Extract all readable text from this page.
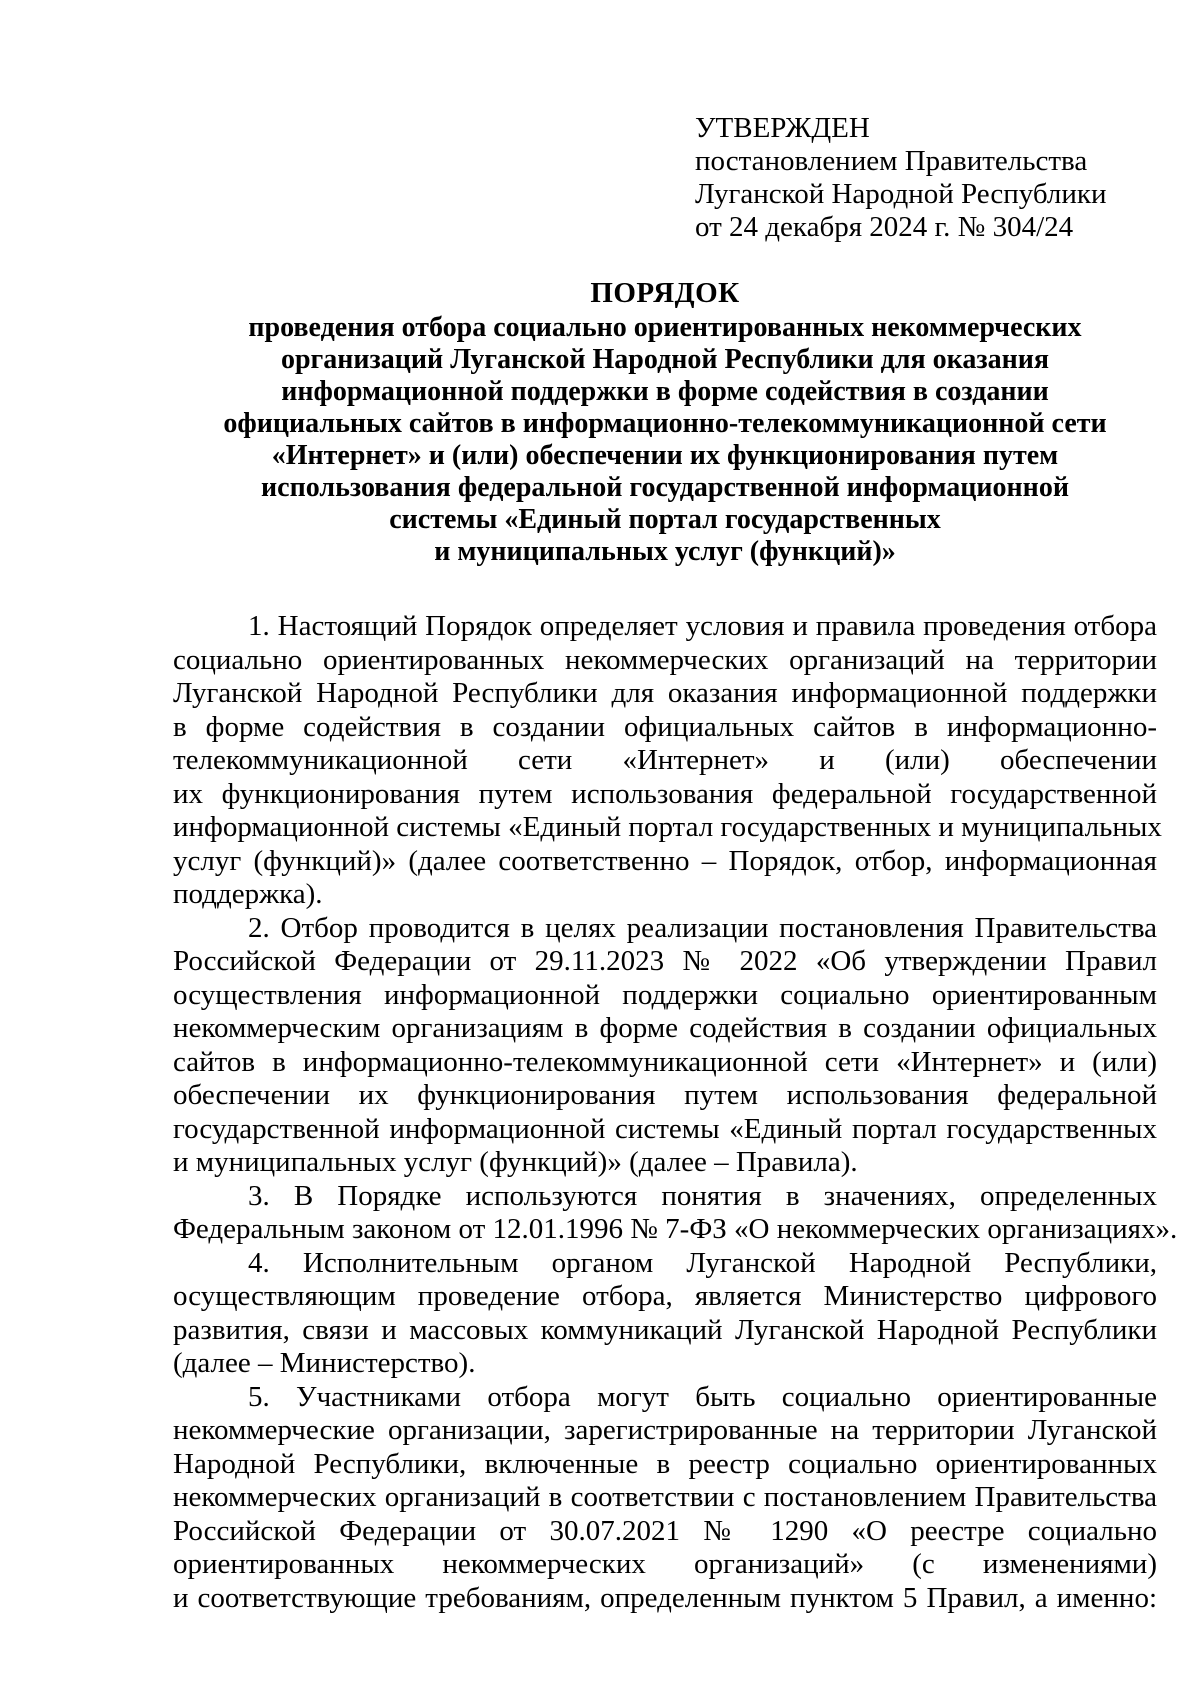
УТВЕРЖДЕН
постановлением Правительства
Луганской Народной Республики
от 24 декабря 2024 г. № 304/24
ПОРЯДОК
проведения отбора социально ориентированных некоммерческих
организаций Луганской Народной Республики для оказания
информационной поддержки в форме содействия в создании
официальных сайтов в информационно-телекоммуникационной сети
«Интернет» и (или) обеспечении их функционирования путем
использования федеральной государственной информационной
системы «Единый портал государственных
и муниципальных услуг (функций)»
1. Настоящий Порядок определяет условия и правила проведения отбора
социально ориентированных некоммерческих организаций на территории
Луганской Народной Республики для оказания информационной поддержки
в форме содействия в создании официальных сайтов в информационно-
телекоммуникационной сети «Интернет» и (или) обеспечении
их функционирования путем использования федеральной государственной
информационной системы «Единый портал государственных и муниципальных
услуг (функций)» (далее соответственно – Порядок, отбор, информационная
поддержка).
2. Отбор проводится в целях реализации постановления Правительства
Российской Федерации от 29.11.2023 № 2022 «Об утверждении Правил
осуществления информационной поддержки социально ориентированным
некоммерческим организациям в форме содействия в создании официальных
сайтов в информационно-телекоммуникационной сети «Интернет» и (или)
обеспечении их функционирования путем использования федеральной
государственной информационной системы «Единый портал государственных
и муниципальных услуг (функций)» (далее – Правила).
3. В Порядке используются понятия в значениях, определенных
Федеральным законом от 12.01.1996 № 7-ФЗ «О некоммерческих организациях».
4. Исполнительным органом Луганской Народной Республики,
осуществляющим проведение отбора, является Министерство цифрового
развития, связи и массовых коммуникаций Луганской Народной Республики
(далее – Министерство).
5. Участниками отбора могут быть социально ориентированные
некоммерческие организации, зарегистрированные на территории Луганской
Народной Республики, включенные в реестр социально ориентированных
некоммерческих организаций в соответствии с постановлением Правительства
Российской Федерации от 30.07.2021 № 1290 «О реестре социально
ориентированных некоммерческих организаций» (с изменениями)
и соответствующие требованиям, определенным пунктом 5 Правил, а именно:
